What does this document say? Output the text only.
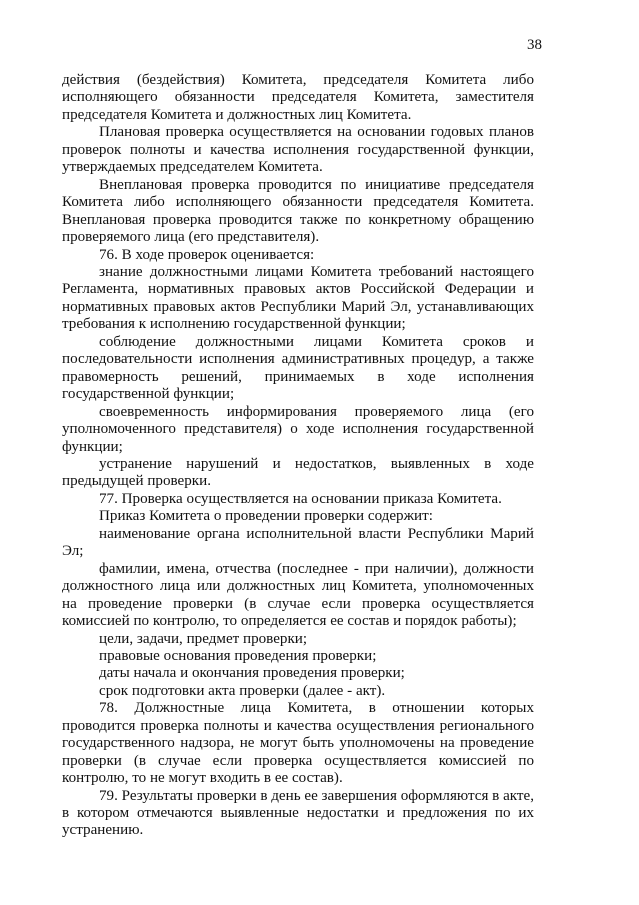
38

действия (бездействия) Комитета, председателя Комитета либо исполняющего обязанности председателя Комитета, заместителя председателя Комитета и должностных лиц Комитета.

Плановая проверка осуществляется на основании годовых планов проверок полноты и качества исполнения государственной функции, утверждаемых председателем Комитета.

Внеплановая проверка проводится по инициативе председателя Комитета либо исполняющего обязанности председателя Комитета. Внеплановая проверка проводится также по конкретному обращению проверяемого лица (его представителя).

76. В ходе проверок оценивается:

знание должностными лицами Комитета требований настоящего Регламента, нормативных правовых актов Российской Федерации и нормативных правовых актов Республики Марий Эл, устанавливающих требования к исполнению государственной функции;

соблюдение должностными лицами Комитета сроков и последовательности исполнения административных процедур, а также правомерность решений, принимаемых в ходе исполнения государственной функции;

своевременность информирования проверяемого лица (его уполномоченного представителя) о ходе исполнения государственной функции;

устранение нарушений и недостатков, выявленных в ходе предыдущей проверки.

77. Проверка осуществляется на основании приказа Комитета.

Приказ Комитета о проведении проверки содержит:

наименование органа исполнительной власти Республики Марий Эл;

фамилии, имена, отчества (последнее - при наличии), должности должностного лица или должностных лиц Комитета, уполномоченных на проведение проверки (в случае если проверка осуществляется комиссией по контролю, то определяется ее состав и порядок работы);

цели, задачи, предмет проверки;

правовые основания проведения проверки;

даты начала и окончания проведения проверки;

срок подготовки акта проверки (далее - акт).

78. Должностные лица Комитета, в отношении которых проводится проверка полноты и качества осуществления регионального государственного надзора, не могут быть уполномочены на проведение проверки (в случае если проверка осуществляется комиссией по контролю, то не могут входить в ее состав).

79. Результаты проверки в день ее завершения оформляются в акте, в котором отмечаются выявленные недостатки и предложения по их устранению.
